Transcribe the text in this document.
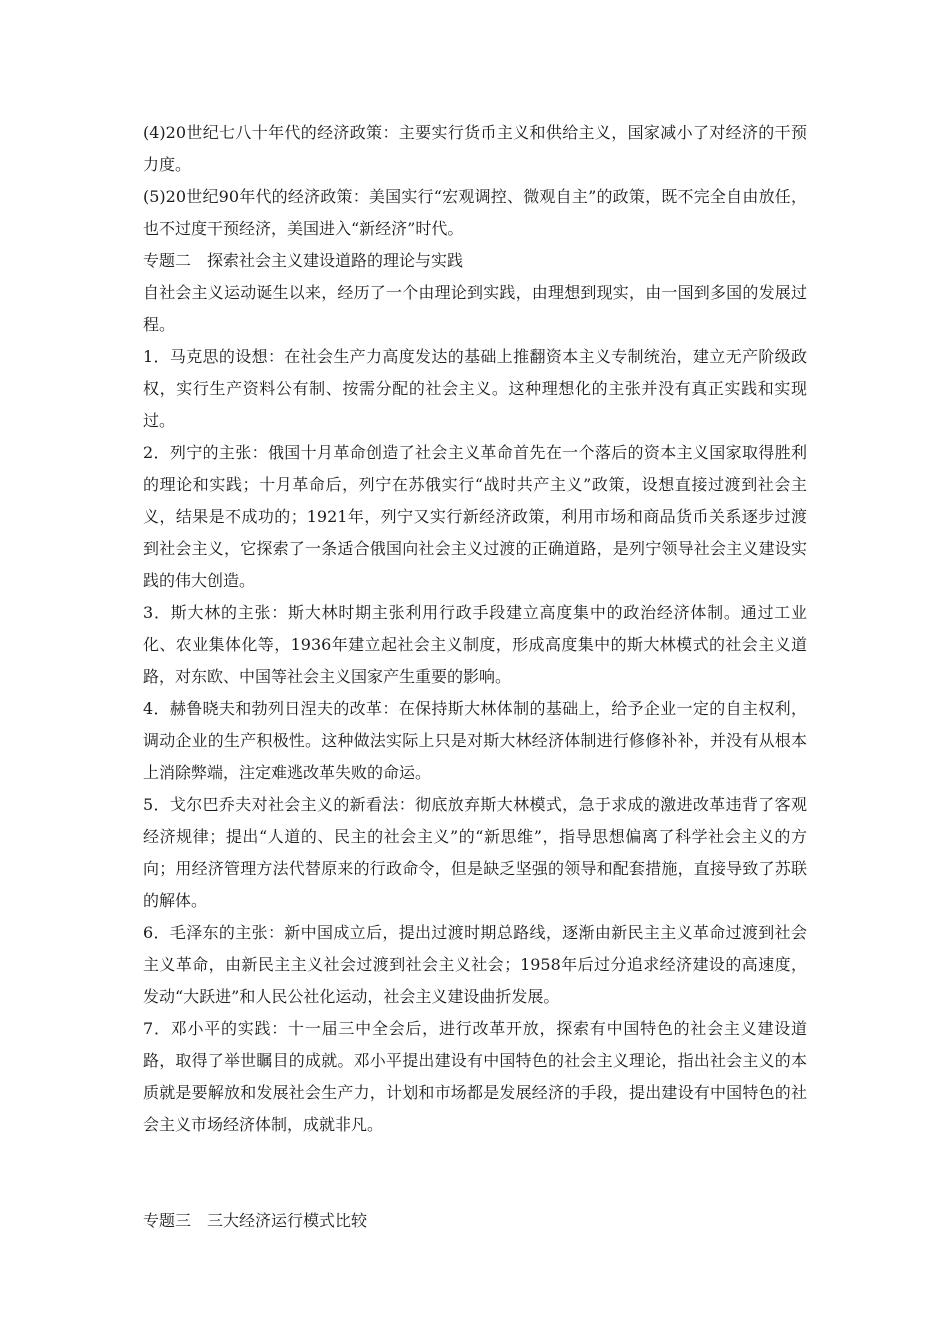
(4)20世纪七八十年代的经济政策：主要实行货币主义和供给主义，国家减小了对经济的干预力度。

(5)20世纪90年代的经济政策：美国实行“宏观调控、微观自主”的政策，既不完全自由放任，也不过度干预经济，美国进入“新经济”时代。

专题二　探索社会主义建设道路的理论与实践

自社会主义运动诞生以来，经历了一个由理论到实践，由理想到现实，由一国到多国的发展过程。

1．马克思的设想：在社会生产力高度发达的基础上推翻资本主义专制统治，建立无产阶级政权，实行生产资料公有制、按需分配的社会主义。这种理想化的主张并没有真正实践和实现过。

2．列宁的主张：俄国十月革命创造了社会主义革命首先在一个落后的资本主义国家取得胜利的理论和实践；十月革命后，列宁在苏俄实行“战时共产主义”政策，设想直接过渡到社会主义，结果是不成功的；1921年，列宁又实行新经济政策，利用市场和商品货币关系逐步过渡到社会主义，它探索了一条适合俄国向社会主义过渡的正确道路，是列宁领导社会主义建设实践的伟大创造。

3．斯大林的主张：斯大林时期主张利用行政手段建立高度集中的政治经济体制。通过工业化、农业集体化等，1936年建立起社会主义制度，形成高度集中的斯大林模式的社会主义道路，对东欧、中国等社会主义国家产生重要的影响。

4．赫鲁晓夫和勃列日涅夫的改革：在保持斯大林体制的基础上，给予企业一定的自主权利，调动企业的生产积极性。这种做法实际上只是对斯大林经济体制进行修修补补，并没有从根本上消除弊端，注定难逃改革失败的命运。

5．戈尔巴乔夫对社会主义的新看法：彻底放弃斯大林模式，急于求成的激进改革违背了客观经济规律；提出“人道的、民主的社会主义”的“新思维”，指导思想偏离了科学社会主义的方向；用经济管理方法代替原来的行政命令，但是缺乏坚强的领导和配套措施，直接导致了苏联的解体。

6．毛泽东的主张：新中国成立后，提出过渡时期总路线，逐渐由新民主主义革命过渡到社会主义革命，由新民主主义社会过渡到社会主义社会；1958年后过分追求经济建设的高速度，发动“大跃进”和人民公社化运动，社会主义建设曲折发展。

7．邓小平的实践：十一届三中全会后，进行改革开放，探索有中国特色的社会主义建设道路，取得了举世瞩目的成就。邓小平提出建设有中国特色的社会主义理论，指出社会主义的本质就是要解放和发展社会生产力，计划和市场都是发展经济的手段，提出建设有中国特色的社会主义市场经济体制，成就非凡。

专题三　三大经济运行模式比较
